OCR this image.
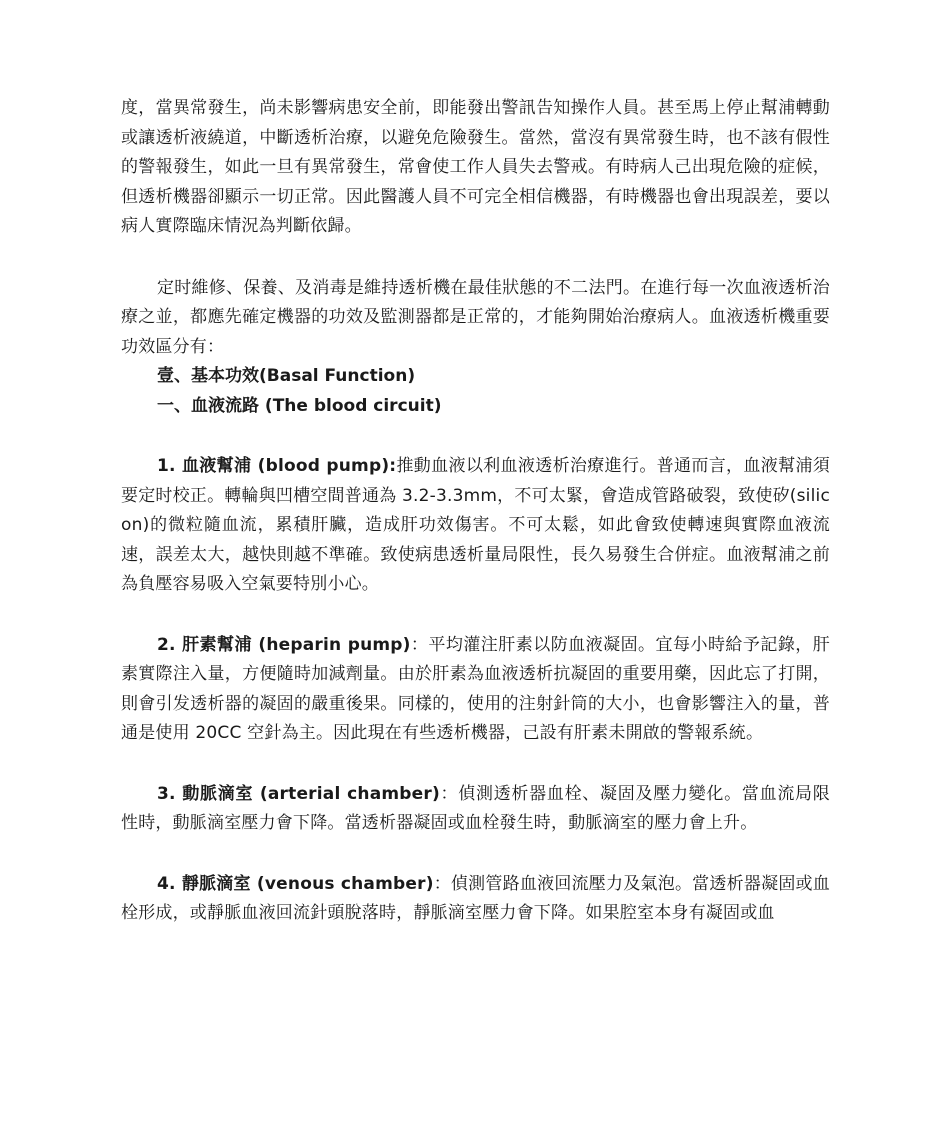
度，當異常發生，尚未影響病患安全前，即能發出警訊告知操作人員。甚至馬上停止幫浦轉動或讓透析液繞道，中斷透析治療，以避免危險發生。當然，當沒有異常發生時，也不該有假性的警報發生，如此一旦有異常發生，常會使工作人員失去警戒。有時病人己出現危險的症候，但透析機器卻顯示一切正常。因此醫護人員不可完全相信機器，有時機器也會出現誤差，要以病人實際臨床情況為判斷依歸。

定时維修、保養、及消毒是維持透析機在最佳狀態的不二法門。在進行每一次血液透析治療之並，都應先確定機器的功效及監測器都是正常的，才能夠開始治療病人。血液透析機重要功效區分有：

壹、基本功效(Basal Function)

一、血液流路 (The blood circuit)

1. 血液幫浦 (blood pump):推動血液以利血液透析治療進行。普通而言，血液幫浦須要定时校正。轉輪與凹槽空間普通為 3.2-3.3mm，不可太緊，會造成管路破裂，致使矽(silicon)的微粒隨血流，累積肝臟，造成肝功效傷害。不可太鬆，如此會致使轉速與實際血液流速，誤差太大，越快則越不準確。致使病患透析量局限性，長久易發生合併症。血液幫浦之前為負壓容易吸入空氣要特別小心。

2. 肝素幫浦 (heparin pump)：平均灌注肝素以防血液凝固。宜每小時給予記錄，肝素實際注入量，方便隨時加減劑量。由於肝素為血液透析抗凝固的重要用藥，因此忘了打開，則會引发透析器的凝固的嚴重後果。同樣的，使用的注射針筒的大小，也會影響注入的量，普通是使用 20CC 空針為主。因此現在有些透析機器，己設有肝素未開啟的警報系統。

3. 動脈滴室 (arterial chamber)：偵測透析器血栓、凝固及壓力變化。當血流局限性時，動脈滴室壓力會下降。當透析器凝固或血栓發生時，動脈滴室的壓力會上升。

4. 靜脈滴室 (venous chamber)：偵測管路血液回流壓力及氣泡。當透析器凝固或血栓形成，或靜脈血液回流針頭脫落時，靜脈滴室壓力會下降。如果腔室本身有凝固或血
